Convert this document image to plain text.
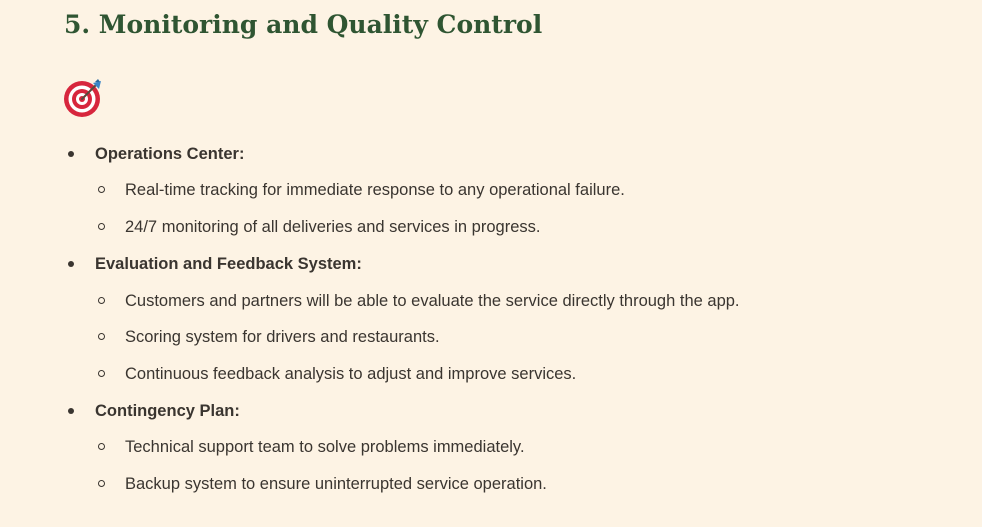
5. Monitoring and Quality Control
Operations Center:
Real-time tracking for immediate response to any operational failure.
24/7 monitoring of all deliveries and services in progress.
Evaluation and Feedback System:
Customers and partners will be able to evaluate the service directly through the app.
Scoring system for drivers and restaurants.
Continuous feedback analysis to adjust and improve services.
Contingency Plan:
Technical support team to solve problems immediately.
Backup system to ensure uninterrupted service operation.
